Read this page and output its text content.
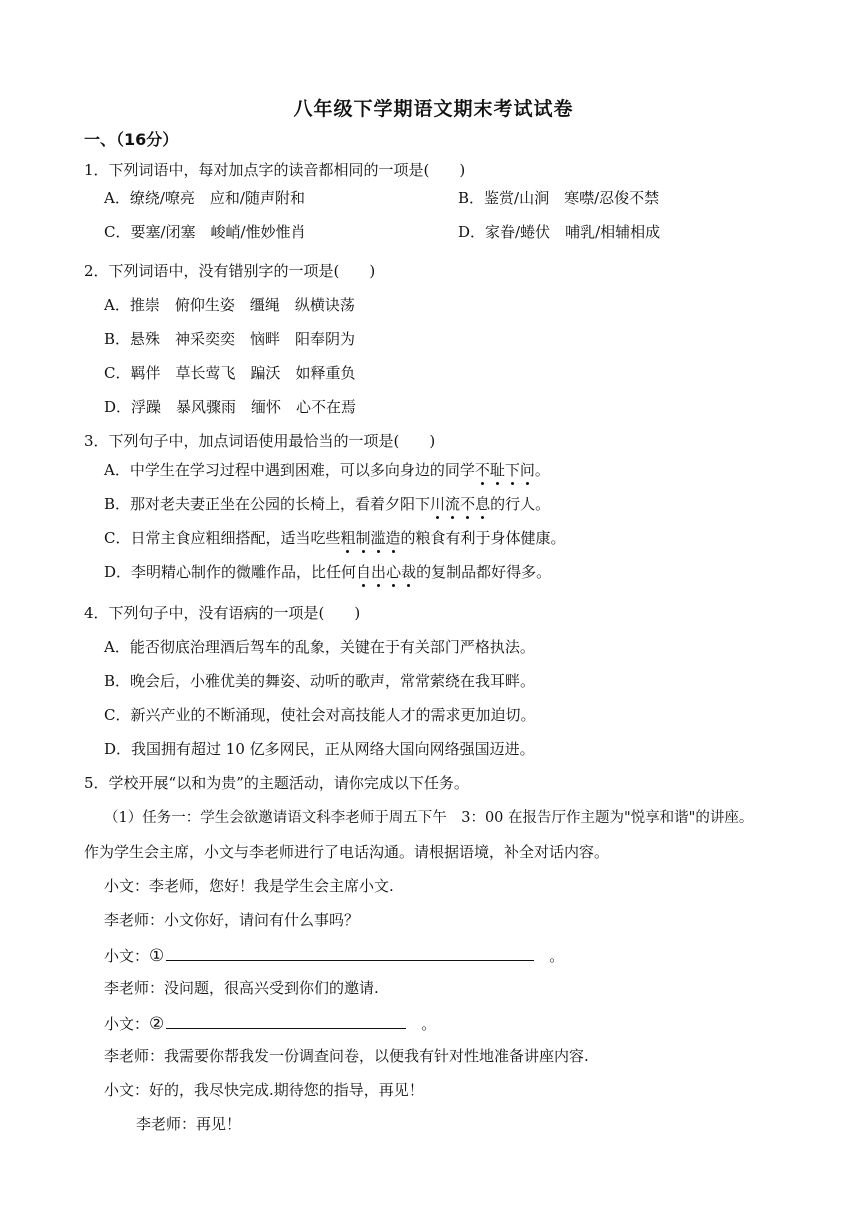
八年级下学期语文期末考试试卷
一、（16分）
1．下列词语中，每对加点字的读音都相同的一项是(　　)
A．缭绕/嘹亮　应和/随声附和	B．鉴赏/山涧　寒噤/忍俊不禁
C．要塞/闭塞　峻峭/惟妙惟肖	D．家眷/蜷伏　哺乳/相辅相成
2．下列词语中，没有错别字的一项是(　　)
A．推崇　俯仰生姿　缰绳　纵横诀荡
B．悬殊　神采奕奕　恼畔　阳奉阴为
C．羁伴　草长莺飞　蹁沃　如释重负
D．浮躁　暴风骤雨　缅怀　心不在焉
3．下列句子中，加点词语使用最恰当的一项是(　　)
A．中学生在学习过程中遇到困难，可以多向身边的同学不耻下问。
B．那对老夫妻正坐在公园的长椅上，看着夕阳下川流不息的行人。
C．日常主食应粗细搭配，适当吃些粗制滥造的粮食有利于身体健康。
D．李明精心制作的微雕作品，比任何自出心裁的复制品都好得多。
4．下列句子中，没有语病的一项是(　　)
A．能否彻底治理酒后驾车的乱象，关键在于有关部门严格执法。
B．晚会后，小雅优美的舞姿、动听的歌声，常常萦绕在我耳畔。
C．新兴产业的不断涌现，使社会对高技能人才的需求更加迫切。
D．我国拥有超过 10 亿多网民，正从网络大国向网络强国迈进。
5．学校开展“以和为贵”的主题活动，请你完成以下任务。
（1）任务一：学生会欲邀请语文科李老师于周五下午　3：00 在报告厅作主题为"悦享和谐"的讲座。
作为学生会主席，小文与李老师进行了电话沟通。请根据语境，补全对话内容。
小文：李老师，您好！我是学生会主席小文.
李老师：小文你好，请问有什么事吗？
小文：①	　。
李老师：没问题，很高兴受到你们的邀请.
小文：②	　。
李老师：我需要你帮我发一份调查问卷，以便我有针对性地准备讲座内容.
小文：好的，我尽快完成.期待您的指导，再见！
李老师：再见！
